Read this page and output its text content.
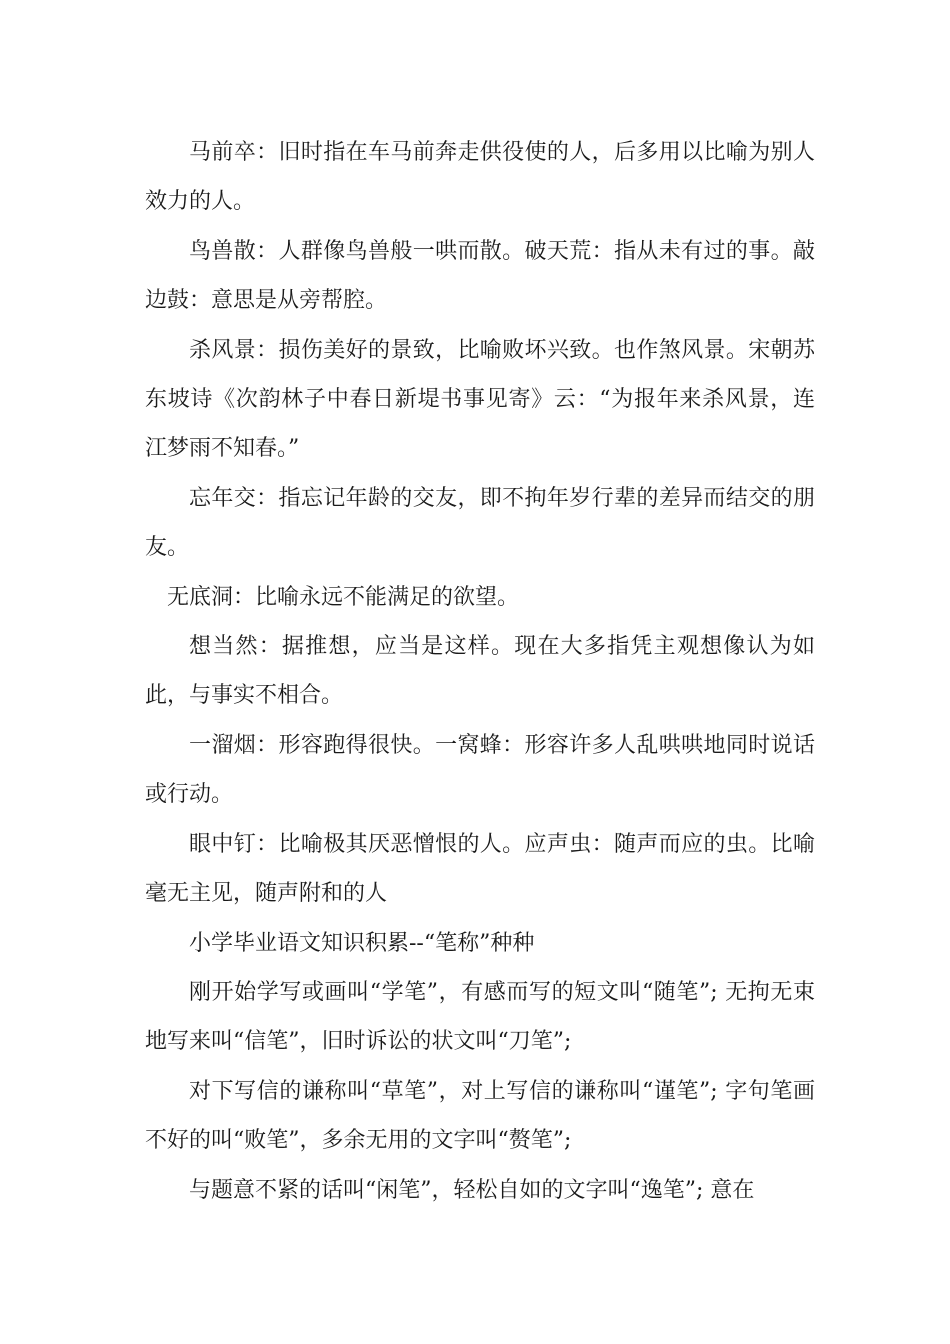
马前卒：旧时指在车马前奔走供役使的人，后多用以比喻为别人效力的人。

鸟兽散：人群像鸟兽般一哄而散。破天荒：指从未有过的事。敲边鼓：意思是从旁帮腔。

杀风景：损伤美好的景致，比喻败坏兴致。也作煞风景。宋朝苏东坡诗《次韵林子中春日新堤书事见寄》云：“为报年来杀风景，连江梦雨不知春。”

忘年交：指忘记年龄的交友，即不拘年岁行辈的差异而结交的朋友。

无底洞：比喻永远不能满足的欲望。

想当然：据推想，应当是这样。现在大多指凭主观想像认为如此，与事实不相合。

一溜烟：形容跑得很快。一窝蜂：形容许多人乱哄哄地同时说话或行动。

眼中钉：比喻极其厌恶憎恨的人。应声虫：随声而应的虫。比喻毫无主见，随声附和的人

小学毕业语文知识积累--“笔称”种种

刚开始学写或画叫“学笔”，有感而写的短文叫“随笔”; 无拘无束地写来叫“信笔”，旧时诉讼的状文叫“刀笔”;

对下写信的谦称叫“草笔”，对上写信的谦称叫“谨笔”; 字句笔画不好的叫“败笔”，多余无用的文字叫“赘笔”;

与题意不紧的话叫“闲笔”，轻松自如的文字叫“逸笔”; 意在
